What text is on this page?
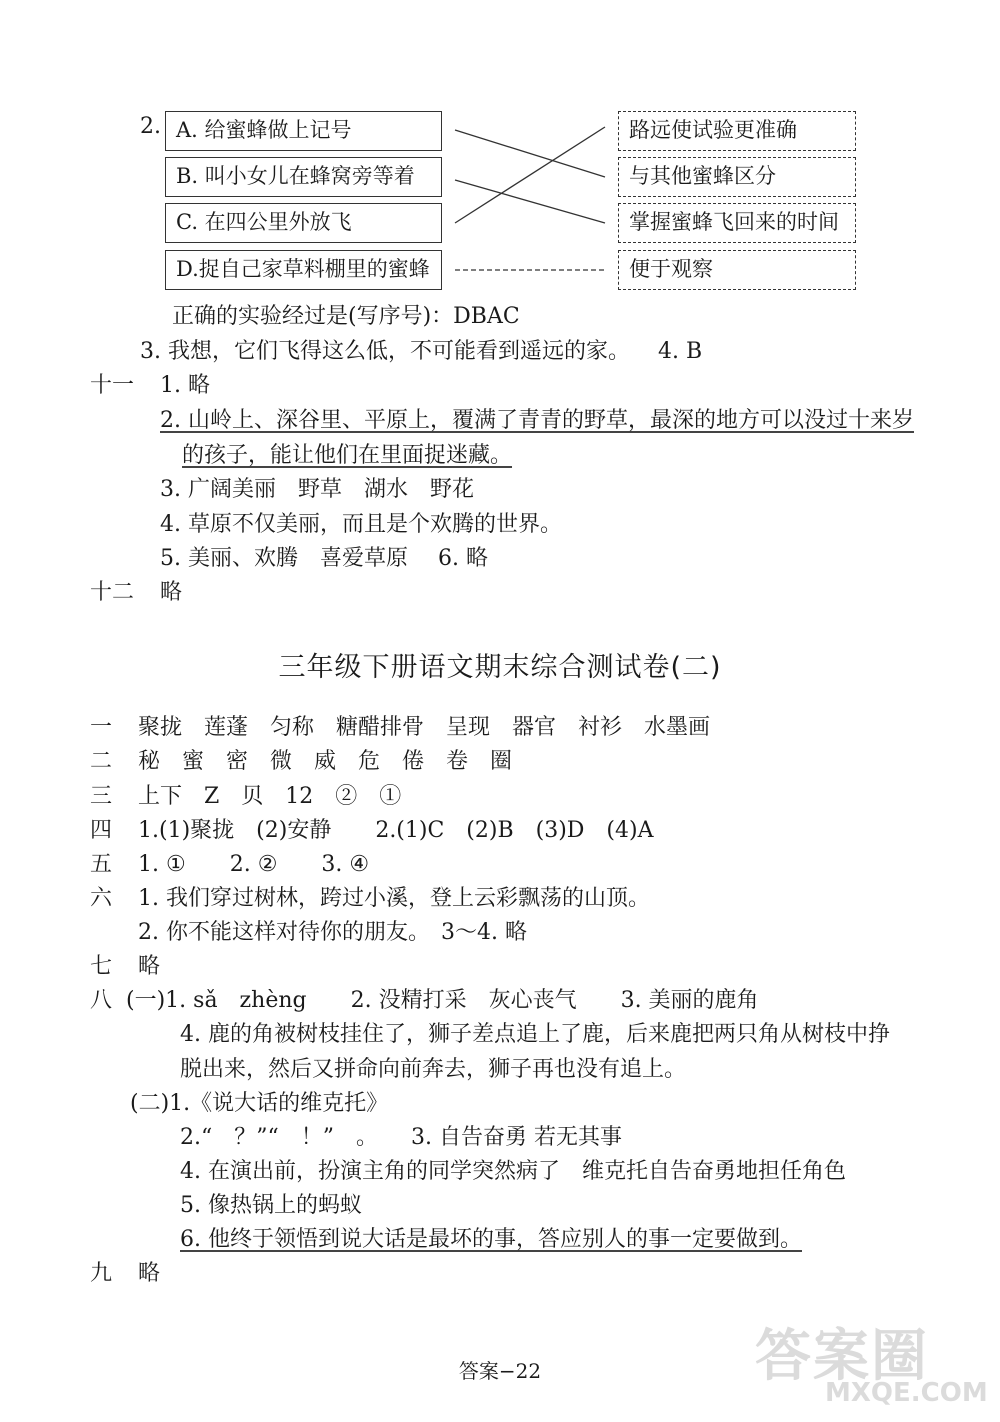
2. A. 给蜜蜂做上记号
B. 叫小女儿在蜂窝旁等着
C. 在四公里外放飞
D.捉自己家草料棚里的蜜蜂
路远使试验更准确
与其他蜜蜂区分
掌握蜜蜂飞回来的时间
便于观察
正确的实验经过是(写序号)：DBAC
3. 我想，它们飞得这么低，不可能看到遥远的家。 4. B
十一 1. 略
2. 山岭上、深谷里、平原上，覆满了青青的野草，最深的地方可以没过十来岁
的孩子，能让他们在里面捉迷藏。
3. 广阔美丽　野草　湖水　野花
4. 草原不仅美丽，而且是个欢腾的世界。
5. 美丽、欢腾　喜爱草原 6. 略
十二 略
三年级下册语文期末综合测试卷(二)
一 聚拢　莲蓬　匀称　糖醋排骨　呈现　器官　衬衫　水墨画
二 秘　蜜　密　微　威　危　倦　卷　圈
三 上下　Z　贝　12　②　①
四 1.(1)聚拢　(2)安静　　2.(1)C　(2)B　(3)D　(4)A
五 1. ①　　2. ②　　3. ④
六 1. 我们穿过树林，跨过小溪，登上云彩飘荡的山顶。
2. 你不能这样对待你的朋友。　3～4. 略
七 略
八 (一)1. sǎ　zhèng　　2. 没精打采　灰心丧气　　3. 美丽的鹿角
4. 鹿的角被树枝挂住了，狮子差点追上了鹿，后来鹿把两只角从树枝中挣
脱出来，然后又拼命向前奔去，狮子再也没有追上。
(二)1.《说大话的维克托》
2.“　？”“　！”　。　　3. 自告奋勇 若无其事
4. 在演出前，扮演主角的同学突然病了　维克托自告奋勇地担任角色
5. 像热锅上的蚂蚁
6. 他终于领悟到说大话是最坏的事，答应别人的事一定要做到。
九 略
答案−22	答案圈
MXQE.COM
